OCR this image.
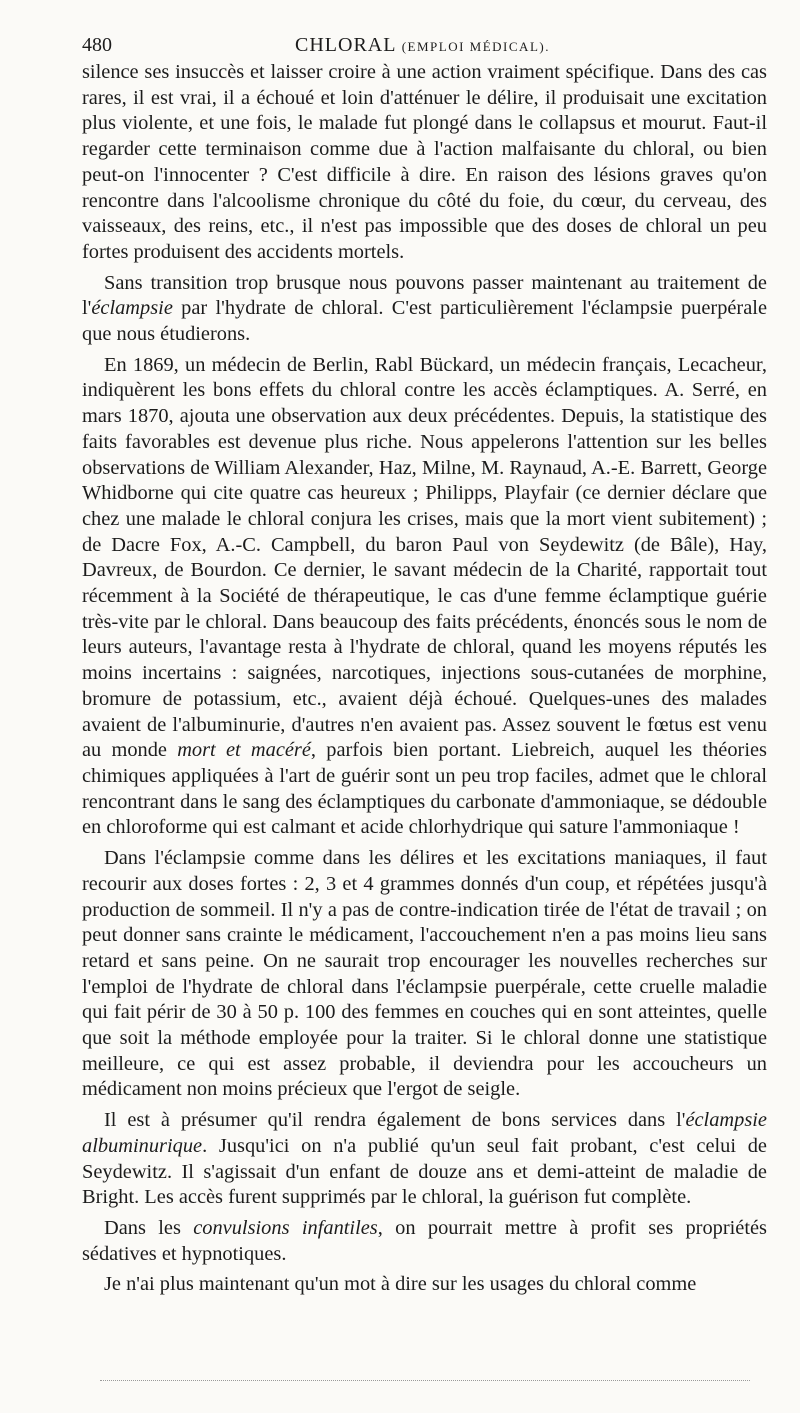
480	CHLORAL (EMPLOI MÉDICAL).

silence ses insuccès et laisser croire à une action vraiment spécifique. Dans des cas rares, il est vrai, il a échoué et loin d'atténuer le délire, il produisait une excitation plus violente, et une fois, le malade fut plongé dans le collapsus et mourut. Faut-il regarder cette terminaison comme due à l'action malfaisante du chloral, ou bien peut-on l'innocenter ? C'est difficile à dire. En raison des lésions graves qu'on rencontre dans l'alcoolisme chronique du côté du foie, du cœur, du cerveau, des vaisseaux, des reins, etc., il n'est pas impossible que des doses de chloral un peu fortes produisent des accidents mortels.

Sans transition trop brusque nous pouvons passer maintenant au traitement de l'éclampsie par l'hydrate de chloral. C'est particulièrement l'éclampsie puerpérale que nous étudierons.

En 1869, un médecin de Berlin, Rabl Bückard, un médecin français, Lecacheur, indiquèrent les bons effets du chloral contre les accès éclamptiques. A. Serré, en mars 1870, ajouta une observation aux deux précédentes. Depuis, la statistique des faits favorables est devenue plus riche. Nous appelerons l'attention sur les belles observations de William Alexander, Haz, Milne, M. Raynaud, A.-E. Barrett, George Whidborne qui cite quatre cas heureux ; Philipps, Playfair (ce dernier déclare que chez une malade le chloral conjura les crises, mais que la mort vient subitement) ; de Dacre Fox, A.-C. Campbell, du baron Paul von Seydewitz (de Bâle), Hay, Davreux, de Bourdon. Ce dernier, le savant médecin de la Charité, rapportait tout récemment à la Société de thérapeutique, le cas d'une femme éclamptique guérie très-vite par le chloral. Dans beaucoup des faits précédents, énoncés sous le nom de leurs auteurs, l'avantage resta à l'hydrate de chloral, quand les moyens réputés les moins incertains : saignées, narcotiques, injections sous-cutanées de morphine, bromure de potassium, etc., avaient déjà échoué. Quelques-unes des malades avaient de l'albuminurie, d'autres n'en avaient pas. Assez souvent le fœtus est venu au monde mort et macéré, parfois bien portant. Liebreich, auquel les théories chimiques appliquées à l'art de guérir sont un peu trop faciles, admet que le chloral rencontrant dans le sang des éclamptiques du carbonate d'ammoniaque, se dédouble en chloroforme qui est calmant et acide chlorhydrique qui sature l'ammoniaque !

Dans l'éclampsie comme dans les délires et les excitations maniaques, il faut recourir aux doses fortes : 2, 3 et 4 grammes donnés d'un coup, et répétées jusqu'à production de sommeil. Il n'y a pas de contre-indication tirée de l'état de travail ; on peut donner sans crainte le médicament, l'accouchement n'en a pas moins lieu sans retard et sans peine. On ne saurait trop encourager les nouvelles recherches sur l'emploi de l'hydrate de chloral dans l'éclampsie puerpérale, cette cruelle maladie qui fait périr de 30 à 50 p. 100 des femmes en couches qui en sont atteintes, quelle que soit la méthode employée pour la traiter. Si le chloral donne une statistique meilleure, ce qui est assez probable, il deviendra pour les accoucheurs un médicament non moins précieux que l'ergot de seigle.

Il est à présumer qu'il rendra également de bons services dans l'éclampsie albuminurique. Jusqu'ici on n'a publié qu'un seul fait probant, c'est celui de Seydewitz. Il s'agissait d'un enfant de douze ans et demi-atteint de maladie de Bright. Les accès furent supprimés par le chloral, la guérison fut complète.

Dans les convulsions infantiles, on pourrait mettre à profit ses propriétés sédatives et hypnotiques.

Je n'ai plus maintenant qu'un mot à dire sur les usages du chloral comme
